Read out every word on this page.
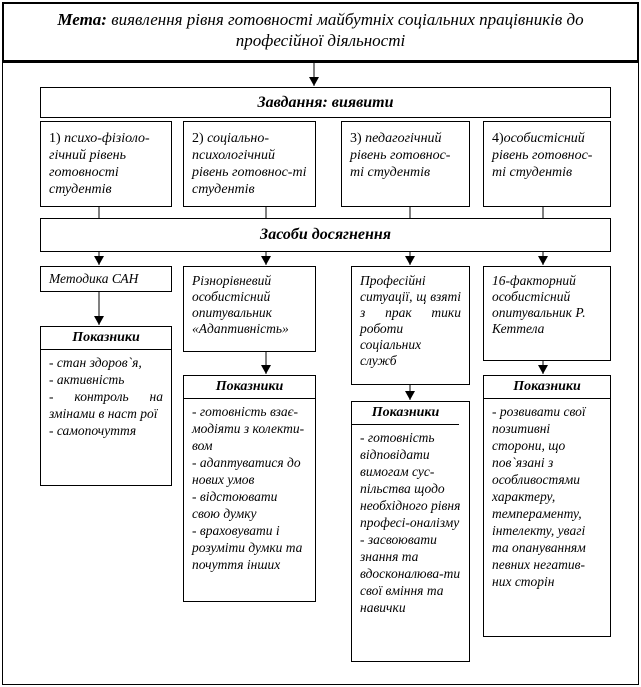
Мета: виявлення рівня готовності майбутніх соціальних працівників до професійної діяльності
Завдання: виявити
1) психо-фізіоло-гічний рівень готовності студентів
2) соціально-психологічний рівень готовнос-ті студентів
3) педагогічний рівень готовнос-ті студентів
4)особистісний рівень готовнос-ті студентів
Засоби досягнення
Методика САН	Різнорівневий особистісний опитувальник «Адаптивність»
Професійні ситуації, щ взяті з прак тики роботи соціальних служб
16-факторний особистісний опитувальник Р. Кеттела
Показники
- стан здоров`я,
- активність
- контроль на змінами в наст рої
- самопочуття
Показники
- готовність взає-модіяти з колекти-вом
- адаптуватися до нових умов
- відстоювати свою думку
- враховувати і розуміти думки та почуття інших
Показники
- готовність відповідати вимогам сус-пільства щодо необхідного рівня професі-оналізму
- засвоювати знання та вдосконалюва-ти свої вміння та навички
Показники
- розвивати свої позитивні сторони, що пов`язані з особливостями характеру, темпераменту, інтелекту, увагі та опануванням певних негатив-них сторін
